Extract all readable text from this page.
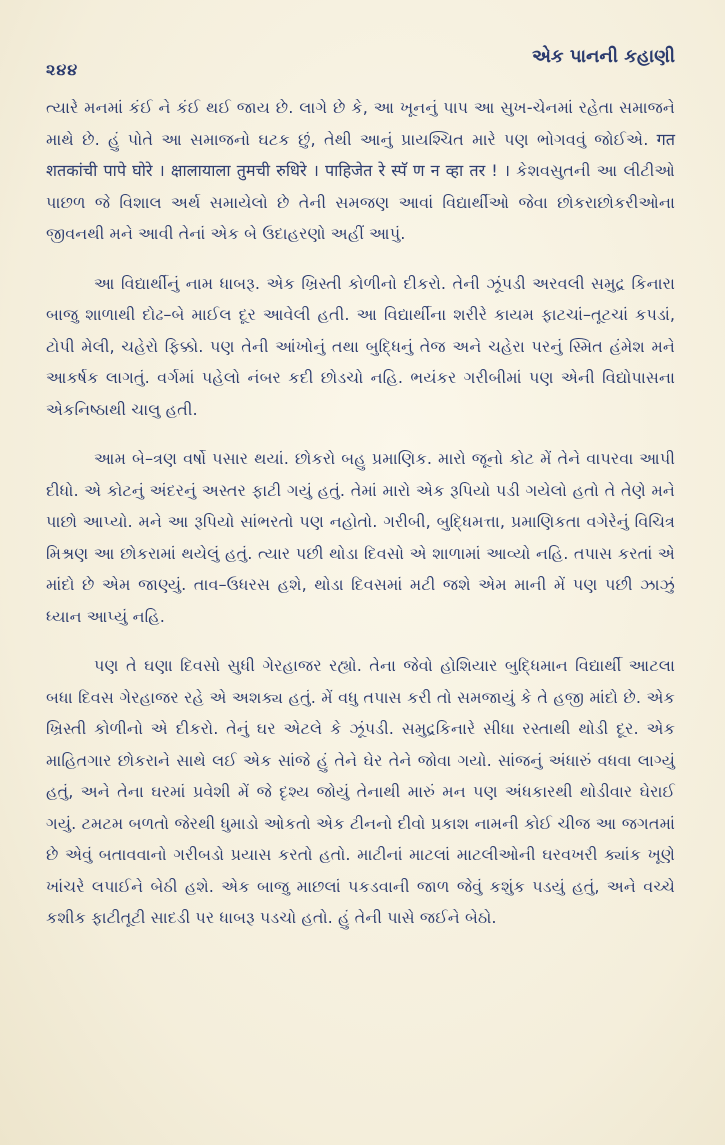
૨૪૪
એક પાનની કહાણી

ત્યારે મનમાં કંઈ ને કંઈ થઈ જાય છે. લાગે છે કે, આ ખૂનનું પાપ આ સુખ-ચેનમાં રહેતા સમાજને માથે છે. હું પોતે આ સમાજનો ઘટક છું, તેથી આનું પ્રાયશ્ચિત મારે પણ ભોગવવું જોઈએ. गत शतकांची पापे घोरे । क्षालायाला तुमची रुधिरे । पाहिजेत रे स्पॅ ण न व्हा तर ! । કેશવસુતની આ લીટીઓ પાછળ જે વિશાલ અર્થ સમાયેલો છે તેની સમજણ આવાં વિદ્યાર્થીઓ જેવા છોકરાછોકરીઓના જીવનથી મને આવી તેનાં એક બે ઉદાહરણો અહીં આપું.

આ વિદ્યાર્થીનું નામ ધાબરૂ. એક ખ્રિસ્તી કોળીનો દીકરો. તેની ઝૂંપડી અરવલી સમુદ્ર કિનારા બાજુ શાળાથી દોઢ–બે માઈલ દૂર આવેલી હતી. આ વિદ્યાર્થીના શરીરે કાયમ ફાટચાં–તૂટચાં કપડાં, ટોપી મેલી, ચહેરો ફિક્કો. પણ તેની આંખોનું તથા બુદ્ધિનું તેજ અને ચહેરા પરનું સ્મિત હંમેશ મને આકર્ષક લાગતું. વર્ગમાં પહેલો નંબર કદી છોડચો નહિ. ભયંકર ગરીબીમાં પણ એની વિદ્યોપાસના એકનિષ્ઠાથી ચાલુ હતી.

આમ બે–ત્રણ વર્ષો પસાર થયાં. છોકરો બહુ પ્રમાણિક. મારો જૂનો કોટ મેં તેને વાપરવા આપી દીધો. એ કોટનું અંદરનું અસ્તર ફાટી ગયું હતું. તેમાં મારો એક રૂપિયો પડી ગયેલો હતો તે તેણે મને પાછો આપ્યો. મને આ રૂપિયો સાંભરતો પણ નહોતો. ગરીબી, બુદ્ધિમત્તા, પ્રમાણિકતા વગેરેનું વિચિત્ર મિશ્રણ આ છોકરામાં થયેલું હતું. ત્યાર પછી થોડા દિવસો એ શાળામાં આવ્યો નહિ. તપાસ કરતાં એ માંદો છે એમ જાણ્યું. તાવ–ઉધરસ હશે, થોડા દિવસમાં મટી જશે એમ માની મેં પણ પછી ઝાઝું ધ્યાન આપ્યું નહિ.

પણ તે ઘણા દિવસો સુધી ગેરહાજર રહ્યો. તેના જેવો હોશિયાર બુદ્ધિમાન વિદ્યાર્થી આટલા બધા દિવસ ગેરહાજર રહે એ અશક્ય હતું. મેં વધુ તપાસ કરી તો સમજાયું કે તે હજી માંદો છે. એક ખ્રિસ્તી કોળીનો એ દીકરો. તેનું ઘર એટલે કે ઝૂંપડી. સમુદ્રકિનારે સીધા રસ્તાથી થોડી દૂર. એક માહિતગાર છોકરાને સાથે લઈ એક સાંજે હું તેને ઘેર તેને જોવા ગયો. સાંજનું અંધારું વધવા લાગ્યું હતું, અને તેના ઘરમાં પ્રવેશી મેં જે દૃશ્ય જોયું તેનાથી મારું મન પણ અંધકારથી થોડીવાર ઘેરાઈ ગયું. ટમટમ બળતો જેરથી ધુમાડો ઓકતો એક ટીનનો દીવો પ્રકાશ નામની કોઈ ચીજ આ જગતમાં છે એવું બતાવવાનો ગરીબડો પ્રયાસ કરતો હતો. માટીનાં માટલાં માટલીઓની ઘરવખરી ક્યાંક ખૂણે ખાંચરે લપાઈને બેઠી હશે. એક બાજુ માછલાં પકડવાની જાળ જેવું કશુંક પડયું હતું, અને વચ્ચે કશીક ફાટીતૂટી સાદડી પર ધાબરૂ પડચો હતો. હું તેની પાસે જઈને બેઠો.
